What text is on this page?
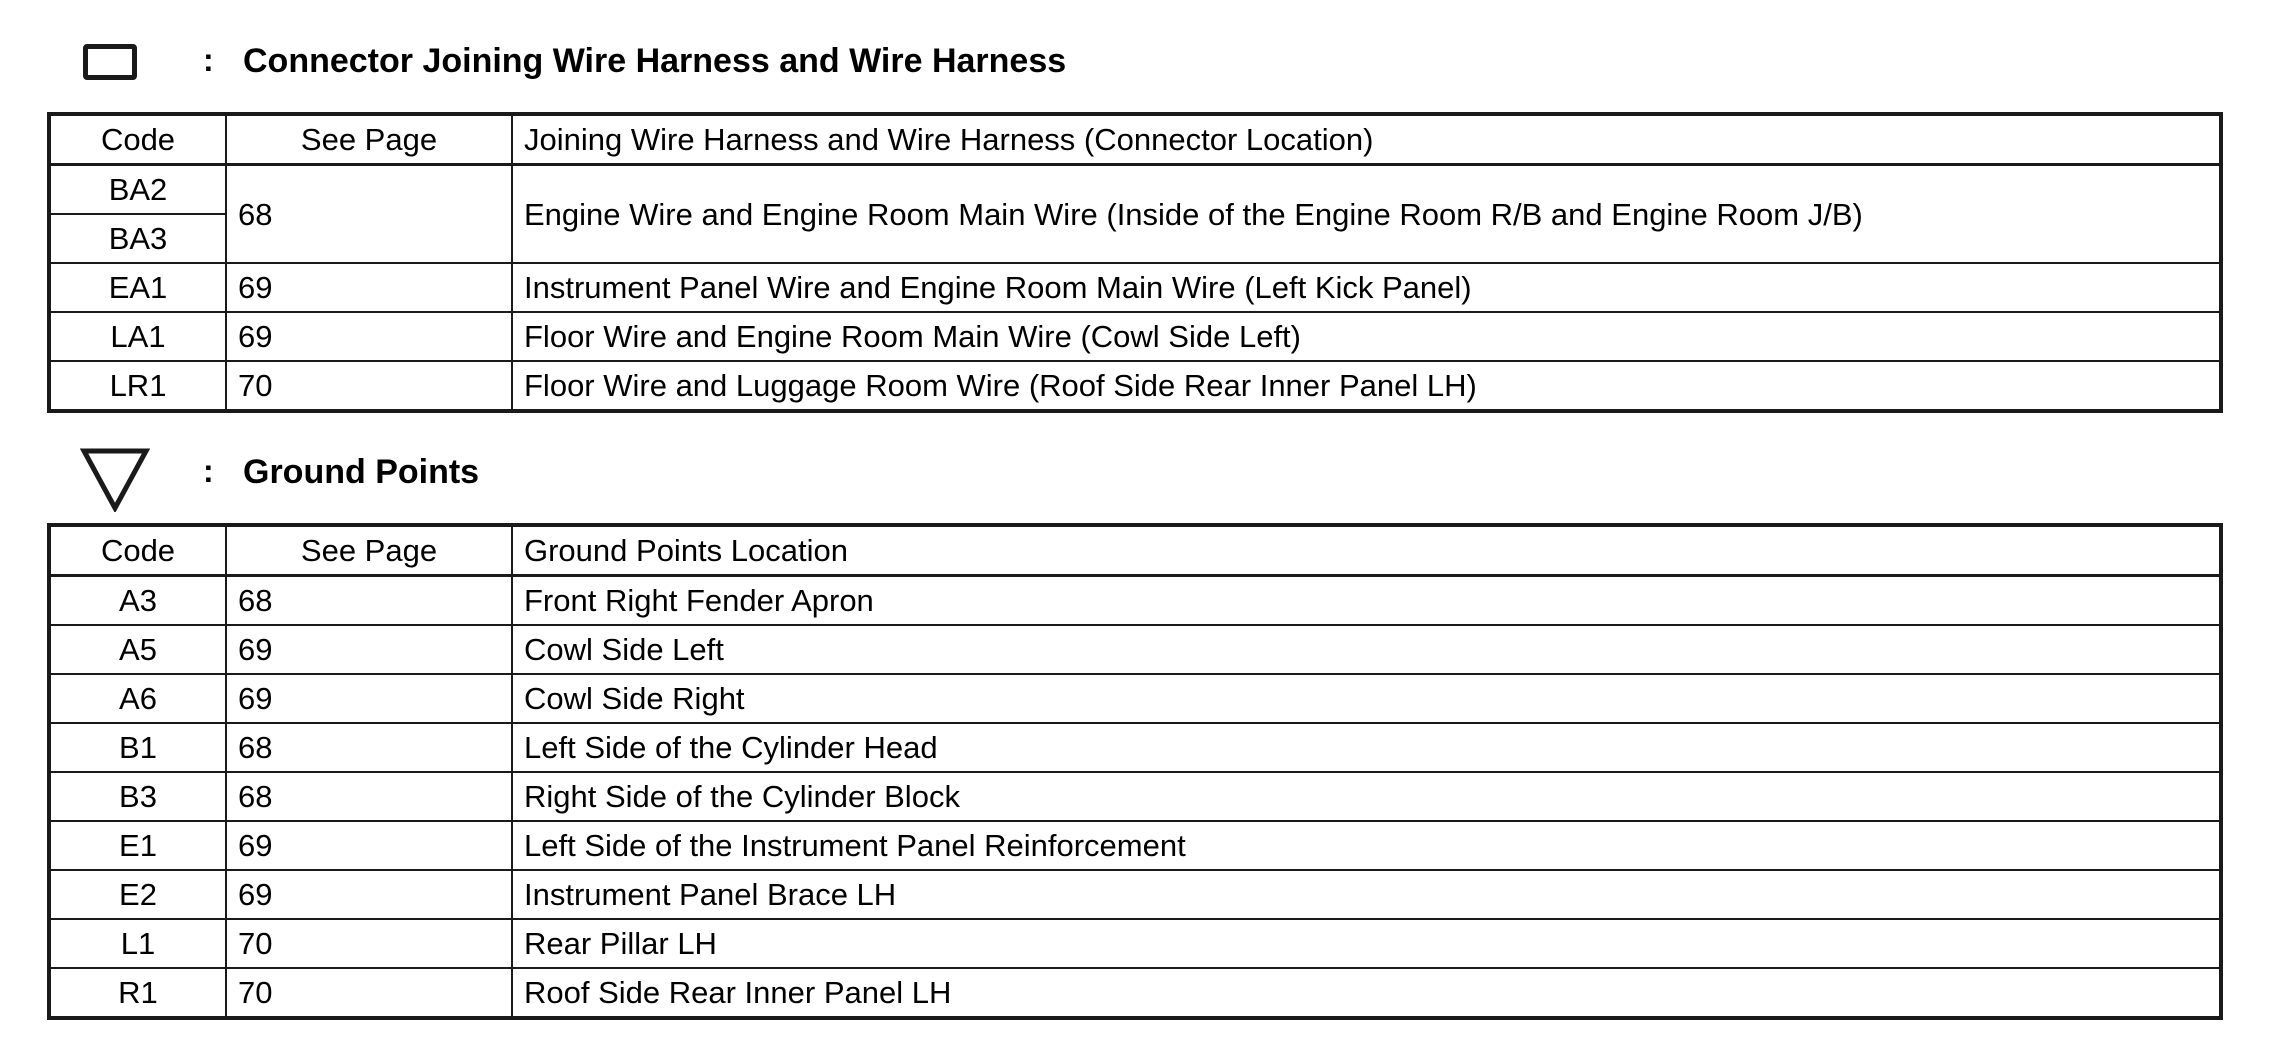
: Connector Joining Wire Harness and Wire Harness
Code	See Page	Joining Wire Harness and Wire Harness (Connector Location)
BA2	68	Engine Wire and Engine Room Main Wire (Inside of the Engine Room R/B and Engine Room J/B)
BA3		
EA1	69	Instrument Panel Wire and Engine Room Main Wire (Left Kick Panel)
LA1	69	Floor Wire and Engine Room Main Wire (Cowl Side Left)
LR1	70	Floor Wire and Luggage Room Wire (Roof Side Rear Inner Panel LH)
: Ground Points
Code	See Page	Ground Points Location
A3	68	Front Right Fender Apron
A5	69	Cowl Side Left
A6	69	Cowl Side Right
B1	68	Left Side of the Cylinder Head
B3	68	Right Side of the Cylinder Block
E1	69	Left Side of the Instrument Panel Reinforcement
E2	69	Instrument Panel Brace LH
L1	70	Rear Pillar LH
R1	70	Roof Side Rear Inner Panel LH
